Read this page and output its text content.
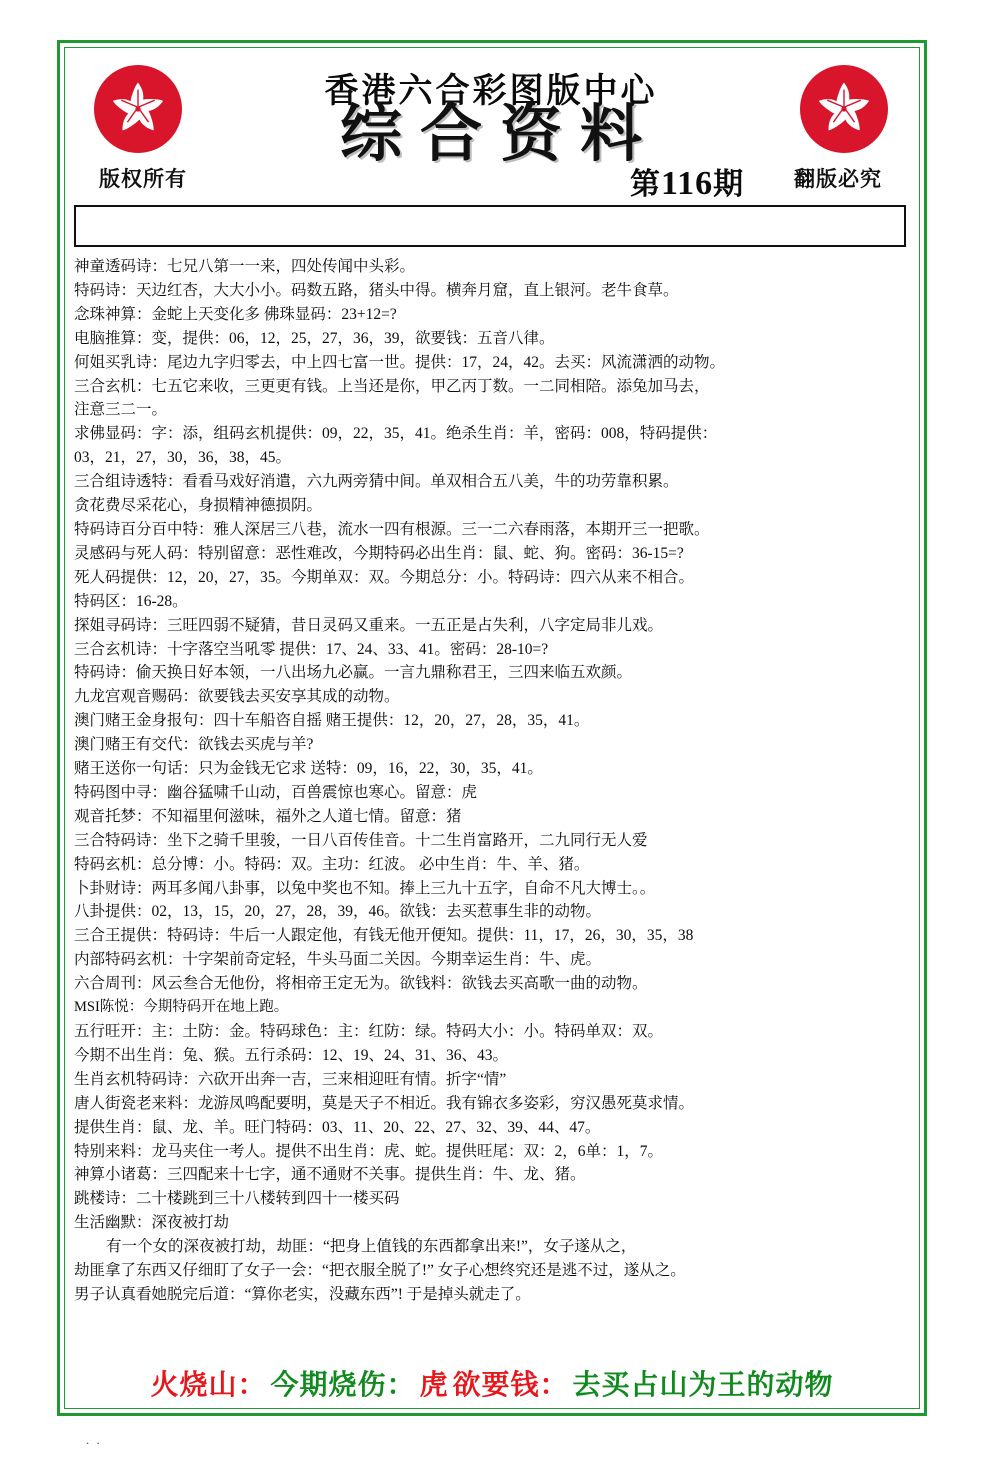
香港六合彩图版中心
综合资料
第116期
版权所有	翻版必究

神童透码诗：七兄八第一一来，四处传闻中头彩。

特码诗：天边红杏，大大小小。码数五路，猪头中得。横奔月窟，直上银河。老牛食草。

念珠神算：金蛇上天变化多 佛珠显码：23+12=?

电脑推算：变，提供：06，12，25，27，36，39，欲要钱：五音八律。

何姐买乳诗：尾边九字归零去，中上四七富一世。提供：17，24，42。去买：风流潇洒的动物。

三合玄机：七五它来收，三更更有钱。上当还是你，甲乙丙丁数。一二同相陪。添兔加马去，

注意三二一。

求佛显码：字：添，组码玄机提供：09，22，35，41。绝杀生肖：羊，密码：008，特码提供：

03，21，27，30，36，38，45。

三合组诗透特：看看马戏好消遣，六九两旁猜中间。单双相合五八美，牛的功劳靠积累。

贪花费尽采花心，身损精神德损阴。

特码诗百分百中特：雅人深居三八巷，流水一四有根源。三一二六春雨落，本期开三一把歌。

灵感码与死人码：特别留意：恶性难改，今期特码必出生肖：鼠、蛇、狗。密码：36-15=?

死人码提供：12，20，27，35。今期单双：双。今期总分：小。特码诗：四六从来不相合。

特码区：16-28。

探姐寻码诗：三旺四弱不疑猜，昔日灵码又重来。一五正是占失利，八字定局非儿戏。

三合玄机诗：十字落空当吼零 提供：17、24、33、41。密码：28-10=?

特码诗：偷天换日好本领，一八出场九必赢。一言九鼎称君王，三四来临五欢颜。

九龙宫观音赐码：欲要钱去买安享其成的动物。

澳门赌王金身报句：四十车船咨自摇 赌王提供：12，20，27，28，35，41。

澳门赌王有交代：欲钱去买虎与羊?

赌王送你一句话：只为金钱无它求 送特：09，16，22，30，35，41。

特码图中寻：幽谷猛啸千山动，百兽震惊也寒心。留意：虎

观音托梦：不知福里何滋味，福外之人道七情。留意：猪

三合特码诗：坐下之骑千里骏，一日八百传佳音。十二生肖富路开，二九同行无人爱

特码玄机：总分博：小。特码：双。主功：红波。 必中生肖：牛、羊、猪。

卜卦财诗：两耳多闻八卦事，以兔中奖也不知。捧上三九十五字，自命不凡大博士。。

八卦提供：02，13，15，20，27，28，39，46。欲钱：去买惹事生非的动物。

三合王提供：特码诗：牛后一人跟定他，有钱无他开便知。提供：11，17，26，30，35，38

内部特码玄机：十字架前奇定轻，牛头马面二关因。今期幸运生肖：牛、虎。

六合周刊：风云叁合无他份，将相帝王定无为。欲钱料：欲钱去买高歌一曲的动物。

MSI陈悦：今期特码开在地上跑。

五行旺开：主：土防：金。特码球色：主：红防：绿。特码大小：小。特码单双：双。

今期不出生肖：兔、猴。五行杀码：12、19、24、31、36、43。

生肖玄机特码诗：六砍开出奔一吉，三来相迎旺有情。折字“情”

唐人街瓷老来料：龙游凤鸣配要明，莫是天子不相近。我有锦衣多姿彩，穷汉愚死莫求情。

提供生肖：鼠、龙、羊。旺门特码：03、11、20、22、27、32、39、44、47。

特别来料：龙马夹住一考人。提供不出生肖：虎、蛇。提供旺尾：双：2，6单：1，7。

神算小诸葛：三四配来十七字，通不通财不关事。提供生肖：牛、龙、猪。

跳楼诗：二十楼跳到三十八楼转到四十一楼买码

生活幽默：深夜被打劫

有一个女的深夜被打劫，劫匪：“把身上值钱的东西都拿出来!”，女子遂从之，

劫匪拿了东西又仔细盯了女子一会：“把衣服全脱了!” 女子心想终究还是逃不过，遂从之。

男子认真看她脱完后道：“算你老实，没藏东西”! 于是掉头就走了。

火烧山： 今期烧伤： 虎 欲要钱： 去买占山为王的动物
. .
